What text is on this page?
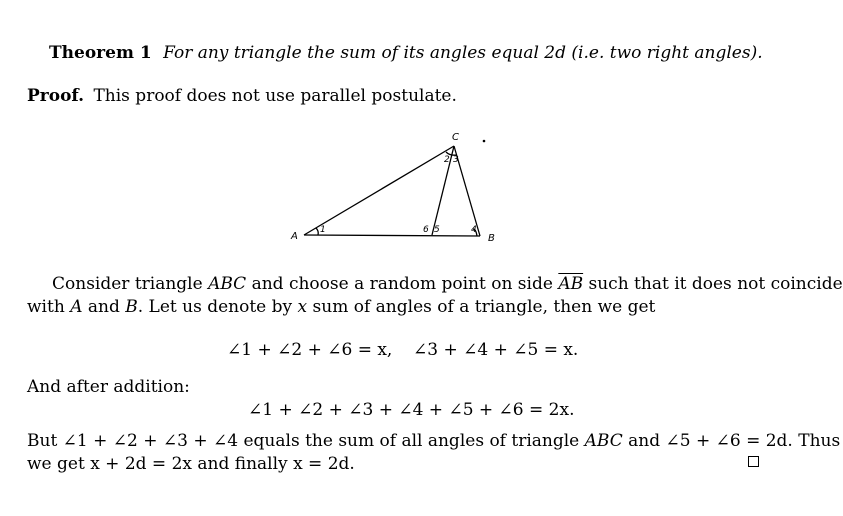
Theorem 1 For any triangle the sum of its angles equal 2d (i.e. two right angles).
Proof. This proof does not use parallel postulate.
C
A	B
1
2 3
4
5
6
Consider triangle ABC and choose a random point on side $\overline{AB}$ such that it does not coincide
with A and B. Let us denote by x sum of angles of a triangle, then we get
∠1 + ∠2 + ∠6 = x, ∠3 + ∠4 + ∠5 = x.
And after addition:
∠1 + ∠2 + ∠3 + ∠4 + ∠5 + ∠6 = 2x.
But ∠1 + ∠2 + ∠3 + ∠4 equals the sum of all angles of triangle ABC and ∠5 + ∠6 = 2d. Thus
we get x + 2d = 2x and finally x = 2d.
